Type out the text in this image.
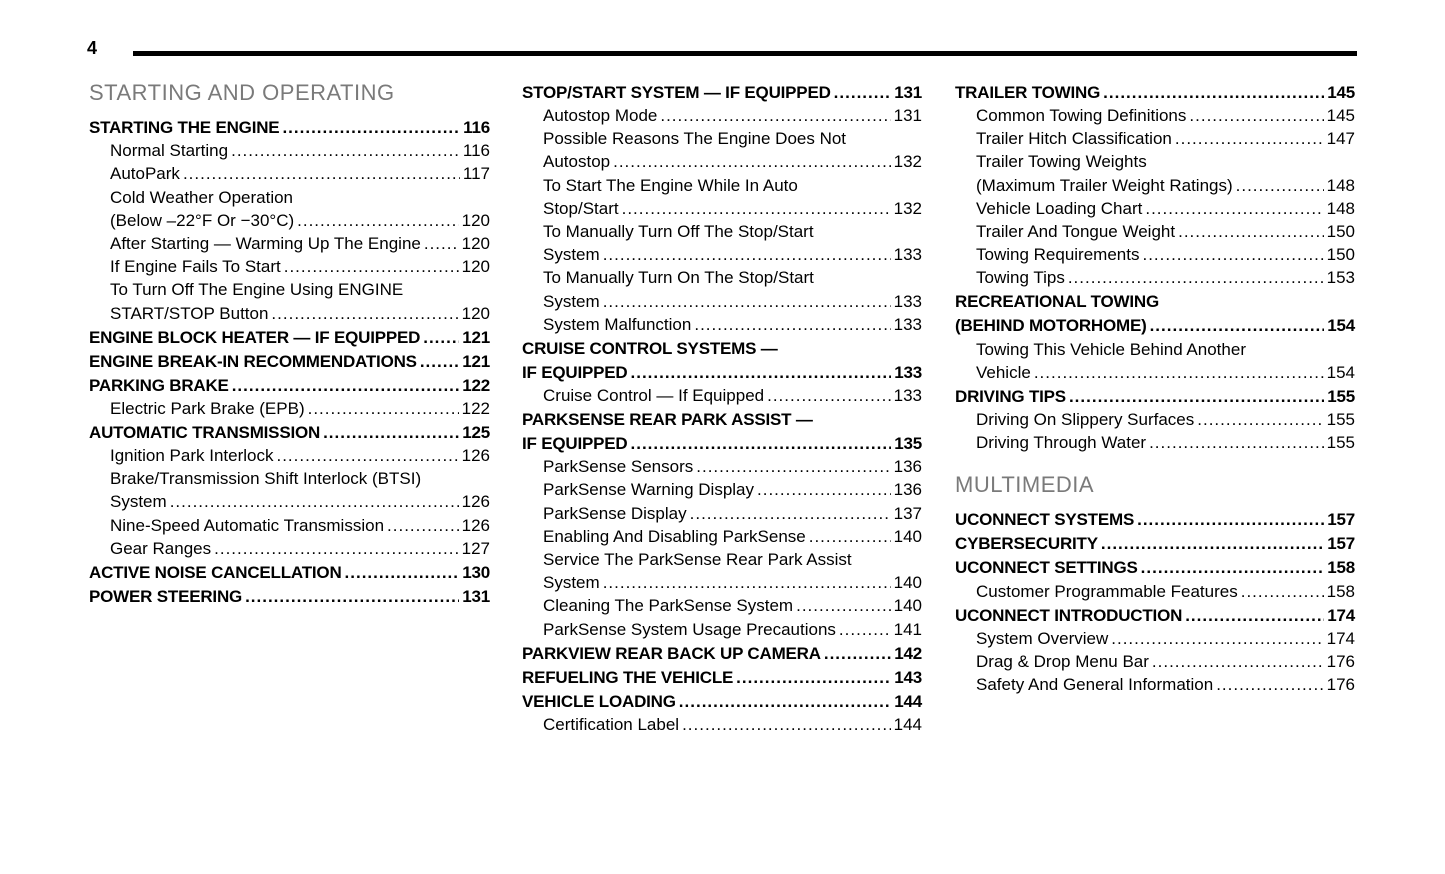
4
STARTING AND OPERATING
STARTING THE ENGINE .....	116
Normal Starting .....	116
AutoPark .....	117
Cold Weather Operation
(Below –22°F Or −30°C) .....	120
After Starting — Warming Up The Engine ..... 120
If Engine Fails To Start .....	120
To Turn Off The Engine Using ENGINE
START/STOP Button .....	120
ENGINE BLOCK HEATER — IF EQUIPPED ..... 121
ENGINE BREAK-IN RECOMMENDATIONS .....	121
PARKING BRAKE .....	122
Electric Park Brake (EPB) .....	122
AUTOMATIC TRANSMISSION .....	125
Ignition Park Interlock .....	126
Brake/Transmission Shift Interlock (BTSI)
System .....	126
Nine-Speed Automatic Transmission .....	126
Gear Ranges .....	127
ACTIVE NOISE CANCELLATION .....	130
POWER STEERING .....	131
STOP/START SYSTEM — IF EQUIPPED .....	131
Autostop Mode .....	131
Possible Reasons The Engine Does Not
Autostop .....	132
To Start The Engine While In Auto
Stop/Start .....	132
To Manually Turn Off The Stop/Start
System .....	133
To Manually Turn On The Stop/Start
System .....	133
System Malfunction .....	133
CRUISE CONTROL SYSTEMS —
IF EQUIPPED .....	133
Cruise Control — If Equipped .....	133
PARKSENSE REAR PARK ASSIST —
IF EQUIPPED .....	135
ParkSense Sensors .....	136
ParkSense Warning Display .....	136
ParkSense Display .....	137
Enabling And Disabling ParkSense .....	140
Service The ParkSense Rear Park Assist
System .....	140
Cleaning The ParkSense System .....	140
ParkSense System Usage Precautions .....	141
PARKVIEW REAR BACK UP CAMERA .....	142
REFUELING THE VEHICLE .....	143
VEHICLE LOADING .....	144
Certification Label .....	144
TRAILER TOWING .....	145
Common Towing Definitions .....	145
Trailer Hitch Classification .....	147
Trailer Towing Weights
(Maximum Trailer Weight Ratings) .....	148
Vehicle Loading Chart .....	148
Trailer And Tongue Weight .....	150
Towing Requirements .....	150
Towing Tips .....	153
RECREATIONAL TOWING
(BEHIND MOTORHOME) .....	154
Towing This Vehicle Behind Another
Vehicle .....	154
DRIVING TIPS .....	155
Driving On Slippery Surfaces .....	155
Driving Through Water .....	155
MULTIMEDIA
UCONNECT SYSTEMS .....	157
CYBERSECURITY .....	157
UCONNECT SETTINGS .....	158
Customer Programmable Features .....	158
UCONNECT INTRODUCTION .....	174
System Overview .....	174
Drag & Drop Menu Bar .....	176
Safety And General Information .....	176
